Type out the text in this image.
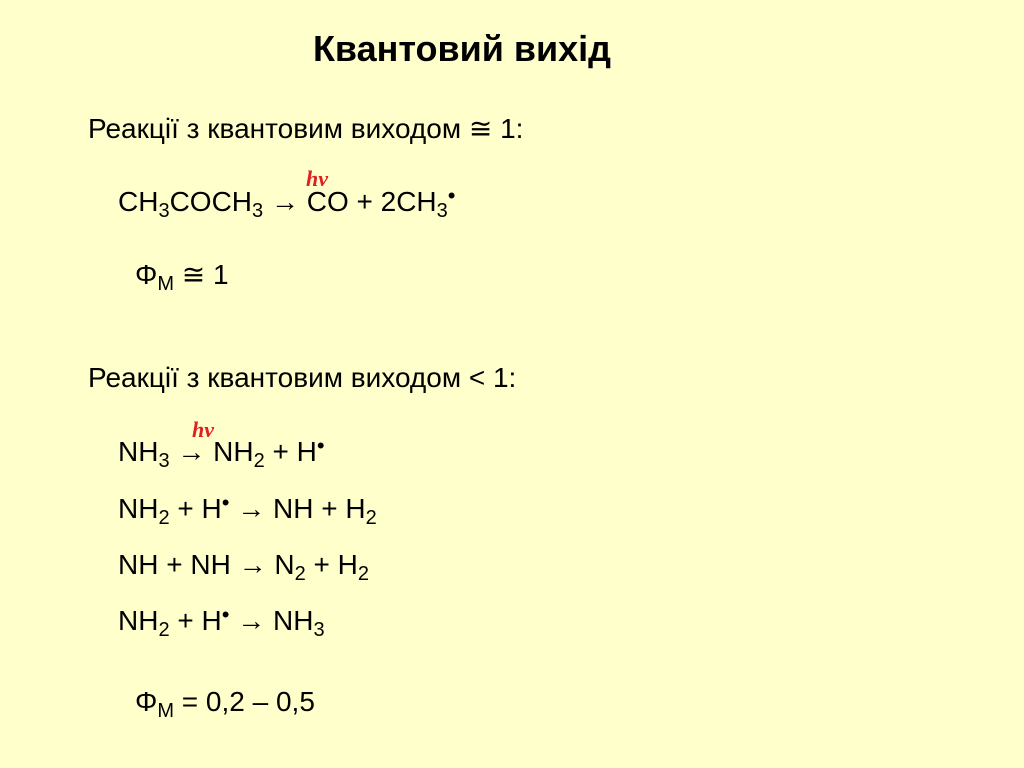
Квантовий вихід
Реакції з квантовим виходом ≅ 1:
hν
$CH_3COCH_3$ → CO + $2CH_3^•$
$\Phi_M$ ≅ 1
Реакції з квантовим виходом < 1:
hν
$NH_3 \to NH_2 + H^•$
$NH_2 + H^•$ → NH + $H_2$
NH + NH → $N_2 + H_2$
$NH_2 + H^• \to NH_3$
$\Phi_M = 0,2 - 0,5$
